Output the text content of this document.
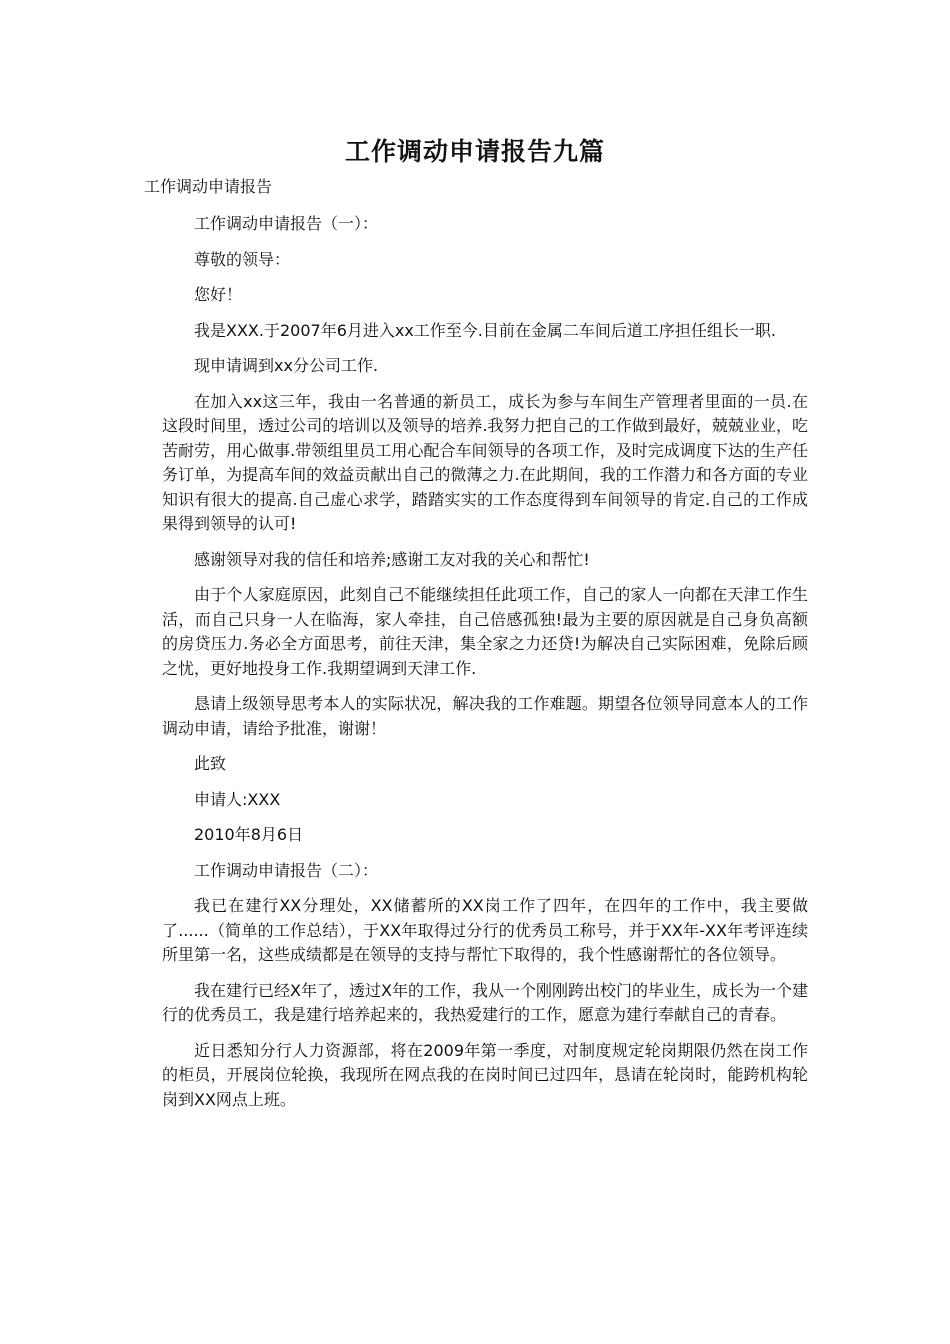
工作调动申请报告九篇
工作调动申请报告

工作调动申请报告（一）：

尊敬的领导：

您好！

我是XXX.于2007年6月进入xx工作至今.目前在金属二车间后道工序担任组长一职.

现申请调到xx分公司工作.

在加入xx这三年，我由一名普通的新员工，成长为参与车间生产管理者里面的一员.在这段时间里，透过公司的培训以及领导的培养.我努力把自己的工作做到最好，兢兢业业，吃苦耐劳，用心做事.带领组里员工用心配合车间领导的各项工作，及时完成调度下达的生产任务订单，为提高车间的效益贡献出自己的微薄之力.在此期间，我的工作潜力和各方面的专业知识有很大的提高.自己虚心求学，踏踏实实的工作态度得到车间领导的肯定.自己的工作成果得到领导的认可!

感谢领导对我的信任和培养;感谢工友对我的关心和帮忙!

由于个人家庭原因，此刻自己不能继续担任此项工作，自己的家人一向都在天津工作生活，而自己只身一人在临海，家人牵挂，自己倍感孤独!最为主要的原因就是自己身负高额的房贷压力.务必全方面思考，前往天津，集全家之力还贷!为解决自己实际困难，免除后顾之忧，更好地投身工作.我期望调到天津工作.

恳请上级领导思考本人的实际状况，解决我的工作难题。期望各位领导同意本人的工作调动申请，请给予批准，谢谢！

此致

申请人:XXX

2010年8月6日

工作调动申请报告（二）：

我已在建行XX分理处，XX储蓄所的XX岗工作了四年，在四年的工作中，我主要做了......（简单的工作总结），于XX年取得过分行的优秀员工称号，并于XX年-XX年考评连续所里第一名，这些成绩都是在领导的支持与帮忙下取得的，我个性感谢帮忙的各位领导。

我在建行已经X年了，透过X年的工作，我从一个刚刚跨出校门的毕业生，成长为一个建行的优秀员工，我是建行培养起来的，我热爱建行的工作，愿意为建行奉献自己的青春。

近日悉知分行人力资源部，将在2009年第一季度，对制度规定轮岗期限仍然在岗工作的柜员，开展岗位轮换，我现所在网点我的在岗时间已过四年，恳请在轮岗时，能跨机构轮岗到XX网点上班。
